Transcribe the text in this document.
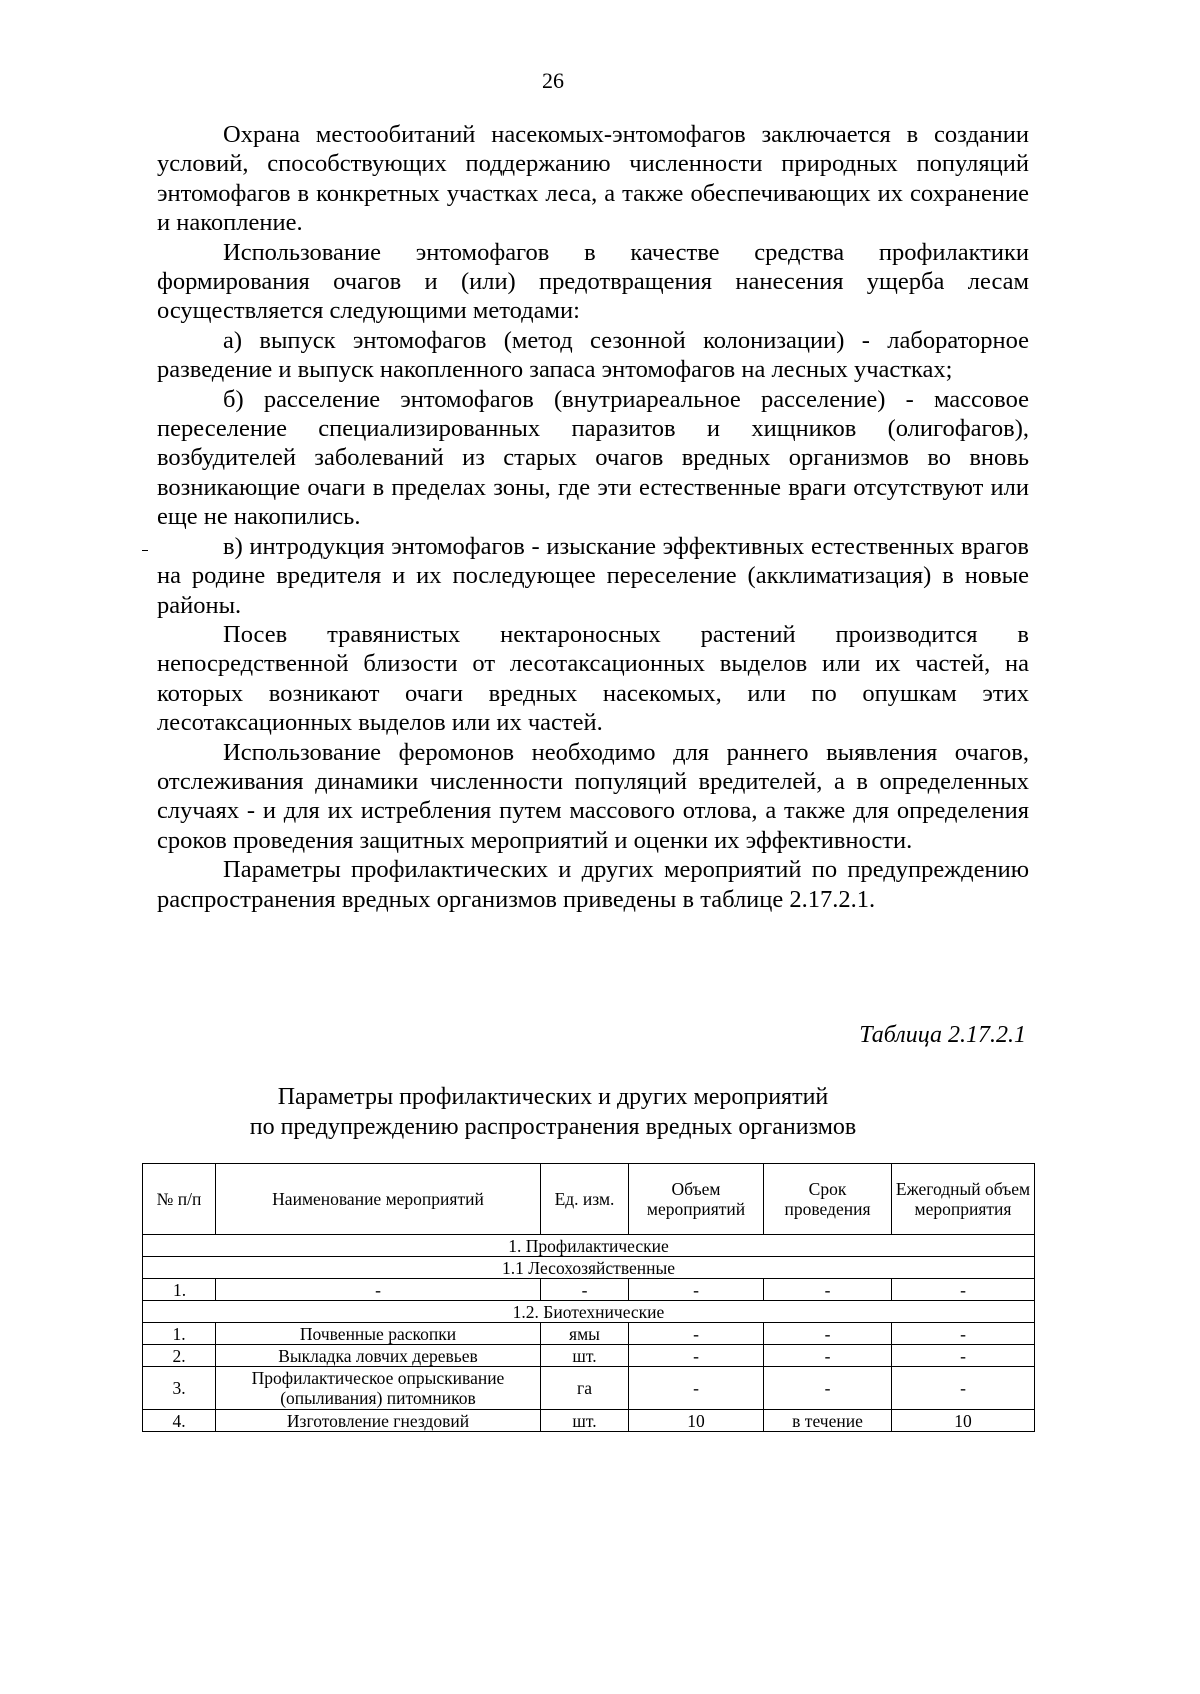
26

Охрана местообитаний насекомых-энтомофагов заключается в создании условий, способствующих поддержанию численности природных популяций энтомофагов в конкретных участках леса, а также обеспечивающих их сохранение и накопление.

Использование энтомофагов в качестве средства профилактики формирования очагов и (или) предотвращения нанесения ущерба лесам осуществляется следующими методами:

а) выпуск энтомофагов (метод сезонной колонизации) - лабораторное разведение и выпуск накопленного запаса энтомофагов на лесных участках;

б) расселение энтомофагов (внутриареальное расселение) - массовое переселение специализированных паразитов и хищников (олигофагов), возбудителей заболеваний из старых очагов вредных организмов во вновь возникающие очаги в пределах зоны, где эти естественные враги отсутствуют или еще не накопились.

в) интродукция энтомофагов - изыскание эффективных естественных врагов на родине вредителя и их последующее переселение (акклиматизация) в новые районы.

Посев травянистых нектароносных растений производится в непосредственной близости от лесотаксационных выделов или их частей, на которых возникают очаги вредных насекомых, или по опушкам этих лесотаксационных выделов или их частей.

Использование феромонов необходимо для раннего выявления очагов, отслеживания динамики численности популяций вредителей, а в определенных случаях - и для их истребления путем массового отлова, а также для определения сроков проведения защитных мероприятий и оценки их эффективности.

Параметры профилактических и других мероприятий по предупреждению распространения вредных организмов приведены в таблице 2.17.2.1.

Таблица 2.17.2.1
Параметры профилактических и других мероприятий
по предупреждению распространения вредных организмов
№ п/п	Наименование мероприятий	Ед. изм.	Объем мероприятий	Срок проведения	Ежегодный объем мероприятия
1. Профилактические					
1.1 Лесохозяйственные					
1.	-	-	-	-	-
1.2. Биотехнические					
1.	Почвенные раскопки	ямы	-	-	-
2.	Выкладка ловчих деревьев	шт.	-	-	-
3.	Профилактическое опрыскивание (опыливания) питомников	га	-	-	-
4.	Изготовление гнездовий	шт.	10	в течение	10
